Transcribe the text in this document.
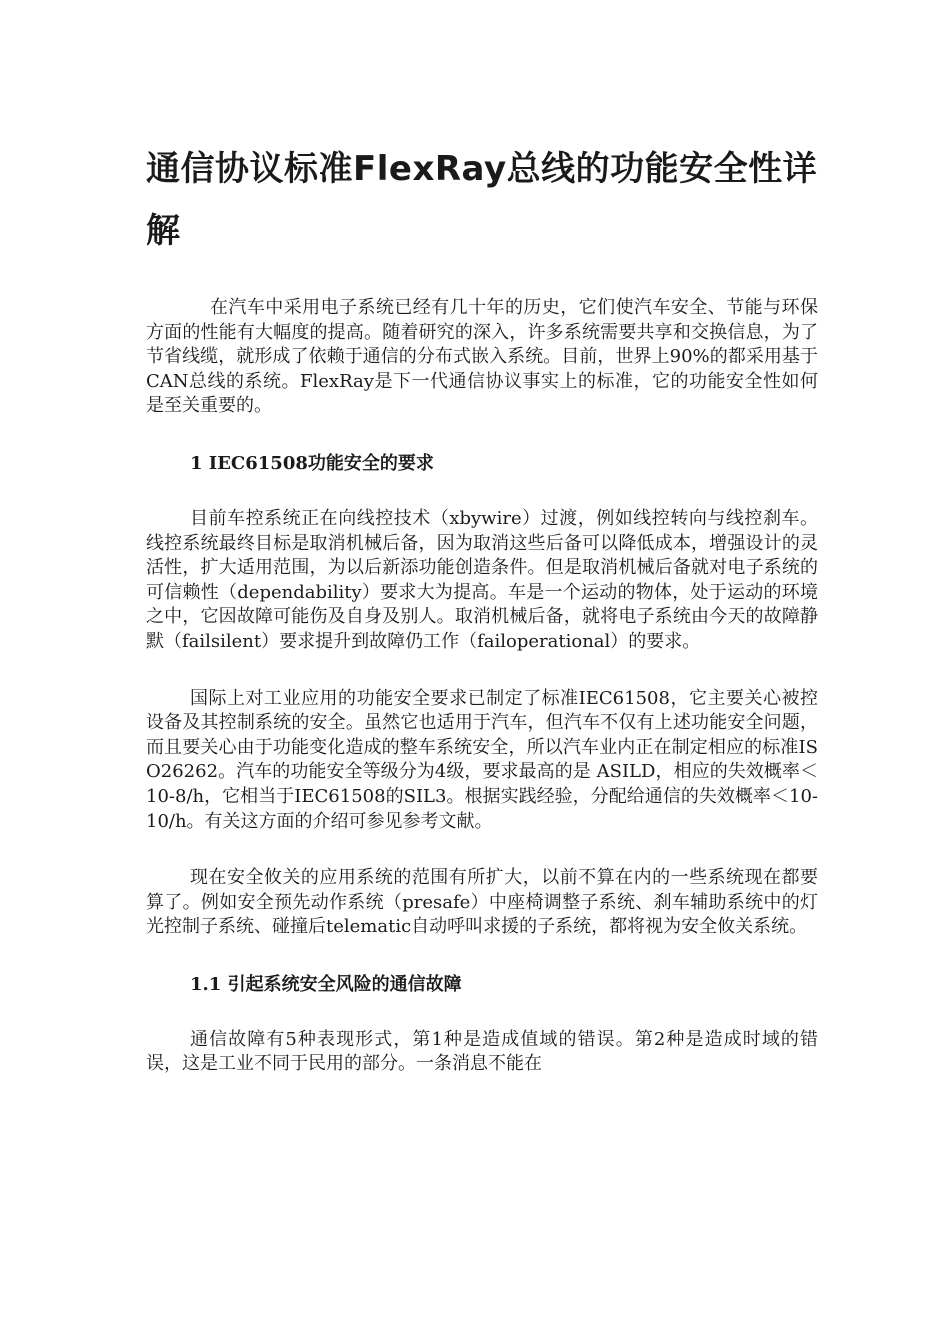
通信协议标准FlexRay总线的功能安全性详解

在汽车中采用电子系统已经有几十年的历史，它们使汽车安全、节能与环保方面的性能有大幅度的提高。随着研究的深入，许多系统需要共享和交换信息，为了节省线缆，就形成了依赖于通信的分布式嵌入系统。目前，世界上90%的都采用基于CAN总线的系统。FlexRay是下一代通信协议事实上的标准，它的功能安全性如何是至关重要的。

1 IEC61508功能安全的要求

目前车控系统正在向线控技术（xbywire）过渡，例如线控转向与线控刹车。线控系统最终目标是取消机械后备，因为取消这些后备可以降低成本，增强设计的灵活性，扩大适用范围，为以后新添功能创造条件。但是取消机械后备就对电子系统的可信赖性（dependability）要求大为提高。车是一个运动的物体，处于运动的环境之中，它因故障可能伤及自身及别人。取消机械后备，就将电子系统由今天的故障静默（failsilent）要求提升到故障仍工作（failoperational）的要求。

国际上对工业应用的功能安全要求已制定了标准IEC61508，它主要关心被控设备及其控制系统的安全。虽然它也适用于汽车，但汽车不仅有上述功能安全问题，而且要关心由于功能变化造成的整车系统安全，所以汽车业内正在制定相应的标准ISO26262。汽车的功能安全等级分为4级，要求最高的是 ASILD，相应的失效概率＜10-8/h，它相当于IEC61508的SIL3。根据实践经验，分配给通信的失效概率＜10-10/h。有关这方面的介绍可参见参考文献。

现在安全攸关的应用系统的范围有所扩大，以前不算在内的一些系统现在都要算了。例如安全预先动作系统（presafe）中座椅调整子系统、刹车辅助系统中的灯光控制子系统、碰撞后telematic自动呼叫求援的子系统，都将视为安全攸关系统。

1.1 引起系统安全风险的通信故障

通信故障有5种表现形式，第1种是造成值域的错误。第2种是造成时域的错误，这是工业不同于民用的部分。一条消息不能在
